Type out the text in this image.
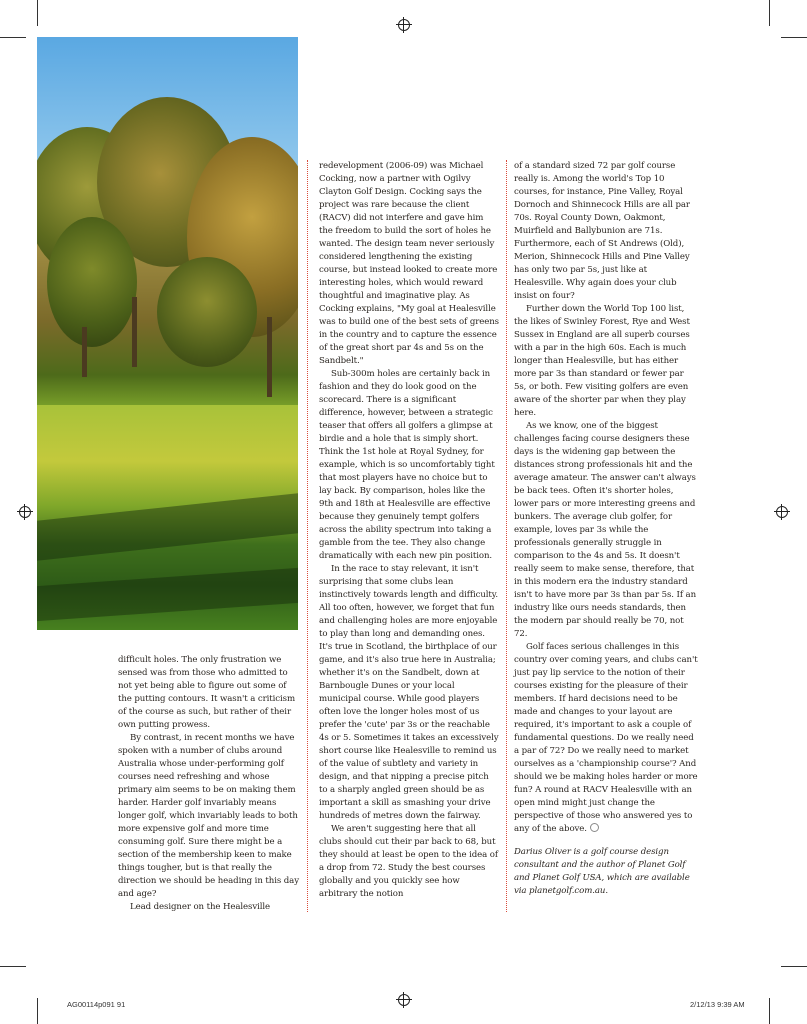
difficult holes. The only frustration we sensed was from those who admitted to not yet being able to figure out some of the putting contours. It wasn't a criticism of the course as such, but rather of their own putting prowess.

By contrast, in recent months we have spoken with a number of clubs around Australia whose under-performing golf courses need refreshing and whose primary aim seems to be on making them harder. Harder golf invariably means longer golf, which invariably leads to both more expensive golf and more time consuming golf. Sure there might be a section of the membership keen to make things tougher, but is that really the direction we should be heading in this day and age?

Lead designer on the Healesville

redevelopment (2006-09) was Michael Cocking, now a partner with Ogilvy Clayton Golf Design. Cocking says the project was rare because the client (RACV) did not interfere and gave him the freedom to build the sort of holes he wanted. The design team never seriously considered lengthening the existing course, but instead looked to create more interesting holes, which would reward thoughtful and imaginative play. As Cocking explains, "My goal at Healesville was to build one of the best sets of greens in the country and to capture the essence of the great short par 4s and 5s on the Sandbelt."

Sub-300m holes are certainly back in fashion and they do look good on the scorecard. There is a significant difference, however, between a strategic teaser that offers all golfers a glimpse at birdie and a hole that is simply short. Think the 1st hole at Royal Sydney, for example, which is so uncomfortably tight that most players have no choice but to lay back. By comparison, holes like the 9th and 18th at Healesville are effective because they genuinely tempt golfers across the ability spectrum into taking a gamble from the tee. They also change dramatically with each new pin position.

In the race to stay relevant, it isn't surprising that some clubs lean instinctively towards length and difficulty. All too often, however, we forget that fun and challenging holes are more enjoyable to play than long and demanding ones. It's true in Scotland, the birthplace of our game, and it's also true here in Australia; whether it's on the Sandbelt, down at Barnbougle Dunes or your local municipal course. While good players often love the longer holes most of us prefer the 'cute' par 3s or the reachable 4s or 5. Sometimes it takes an excessively short course like Healesville to remind us of the value of subtlety and variety in design, and that nipping a precise pitch to a sharply angled green should be as important a skill as smashing your drive hundreds of metres down the fairway.

We aren't suggesting here that all clubs should cut their par back to 68, but they should at least be open to the idea of a drop from 72. Study the best courses globally and you quickly see how arbitrary the notion

of a standard sized 72 par golf course really is. Among the world's Top 10 courses, for instance, Pine Valley, Royal Dornoch and Shinnecock Hills are all par 70s. Royal County Down, Oakmont, Muirfield and Ballybunion are 71s. Furthermore, each of St Andrews (Old), Merion, Shinnecock Hills and Pine Valley has only two par 5s, just like at Healesville. Why again does your club insist on four?

Further down the World Top 100 list, the likes of Swinley Forest, Rye and West Sussex in England are all superb courses with a par in the high 60s. Each is much longer than Healesville, but has either more par 3s than standard or fewer par 5s, or both. Few visiting golfers are even aware of the shorter par when they play here.

As we know, one of the biggest challenges facing course designers these days is the widening gap between the distances strong professionals hit and the average amateur. The answer can't always be back tees. Often it's shorter holes, lower pars or more interesting greens and bunkers. The average club golfer, for example, loves par 3s while the professionals generally struggle in comparison to the 4s and 5s. It doesn't really seem to make sense, therefore, that in this modern era the industry standard isn't to have more par 3s than par 5s. If an industry like ours needs standards, then the modern par should really be 70, not 72.

Golf faces serious challenges in this country over coming years, and clubs can't just pay lip service to the notion of their courses existing for the pleasure of their members. If hard decisions need to be made and changes to your layout are required, it's important to ask a couple of fundamental questions. Do we really need a par of 72? Do we really need to market ourselves as a 'championship course'? And should we be making holes harder or more fun? A round at RACV Healesville with an open mind might just change the perspective of those who answered yes to any of the above.

Darius Oliver is a golf course design consultant and the author of Planet Golf and Planet Golf USA, which are available via planetgolf.com.au.

AG00114p091 91	2/12/13 9:39 AM
